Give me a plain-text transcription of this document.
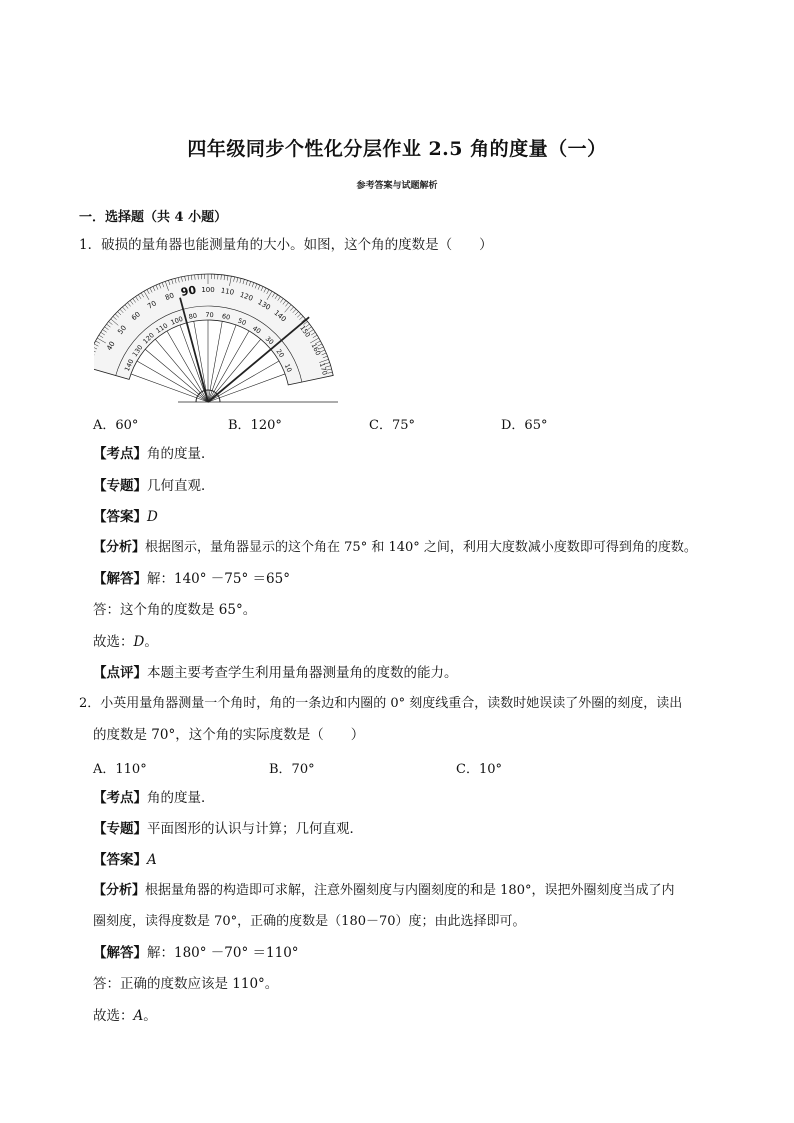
四年级同步个性化分层作业 2.5 角的度量（一）
参考答案与试题解析
一．选择题（共 4 小题）
1．破损的量角器也能测量角的大小。如图，这个角的度数是（　　）
40
50
60
70
80 90 100 110 120
130
140
140
130
120
110
100 80 70 60 50
40
30
20
10
150
160
170
A．60°	B．120°	C．75°	D．65°
【考点】角的度量．
【专题】几何直观．
【答案】D
【分析】根据图示，量角器显示的这个角在 75° 和 140° 之间，利用大度数减小度数即可得到角的度数。
【解答】解：140° －75° ＝65°
答：这个角的度数是 65°。
故选：D。
【点评】本题主要考查学生利用量角器测量角的度数的能力。
2．小英用量角器测量一个角时，角的一条边和内圈的 0° 刻度线重合，读数时她误读了外圈的刻度，读出
的度数是 70°，这个角的实际度数是（　　）
A．110°	B．70°	C．10°
【考点】角的度量．
【专题】平面图形的认识与计算；几何直观．
【答案】A
【分析】根据量角器的构造即可求解，注意外圈刻度与内圈刻度的和是 180°，误把外圈刻度当成了内
圈刻度，读得度数是 70°，正确的度数是（180－70）度；由此选择即可。
【解答】解：180° －70° ＝110°
答：正确的度数应该是 110°。
故选：A。
